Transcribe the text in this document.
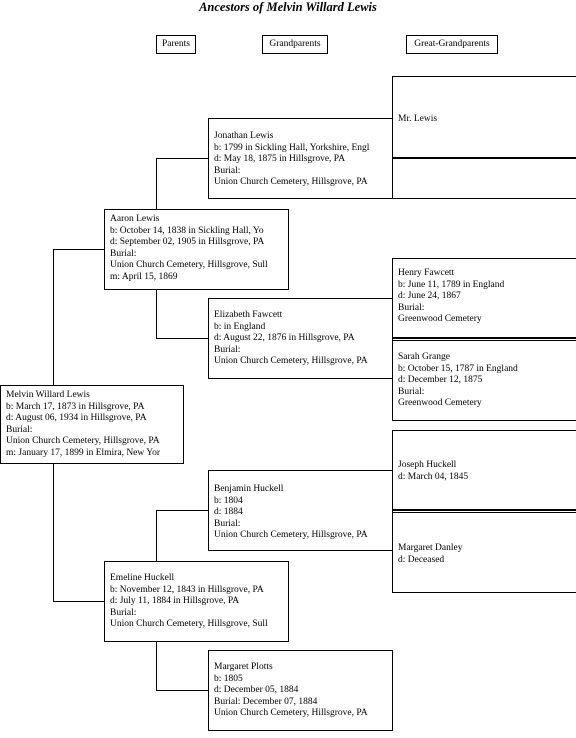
Ancestors of Melvin Willard Lewis
Parents	Grandparents	Great-Grandparents
Melvin Willard Lewis
b: March 17, 1873 in Hillsgrove, PA
d: August 06, 1934 in Hillsgrove, PA
Burial:
Union Church Cemetery, Hillsgrove, PA
m: January 17, 1899 in Elmira, New Yor
Aaron Lewis
b: October 14, 1838 in Sickling Hall, Yo
d: September 02, 1905 in Hillsgrove, PA
Burial:
Union Church Cemetery, Hillsgrove, Sull
m: April 15, 1869
Emeline Huckell
b: November 12, 1843 in Hillsgrove, PA
d: July 11, 1884 in Hillsgrove, PA
Burial:
Union Church Cemetery, Hillsgrove, Sull
Jonathan Lewis
b: 1799 in Sickling Hall, Yorkshire, Engl
d: May 18, 1875 in Hillsgrove, PA
Burial:
Union Church Cemetery, Hillsgrove, PA
Elizabeth Fawcett
b: in England
d: August 22, 1876 in Hillsgrove, PA
Burial:
Union Church Cemetery, Hillsgrove, PA
Benjamin Huckell
b: 1804
d: 1884
Burial:
Union Church Cemetery, Hillsgrove, PA
Margaret Plotts
b: 1805
d: December 05, 1884
Burial: December 07, 1884
Union Church Cemetery, Hillsgrove, PA
Mr. Lewis
Henry Fawcett
b: June 11, 1789 in England
d: June 24, 1867
Burial:
Greenwood Cemetery
Sarah Grange
b: October 15, 1787 in England
d: December 12, 1875
Burial:
Greenwood Cemetery
Joseph Huckell
d: March 04, 1845
Margaret Danley
d: Deceased
